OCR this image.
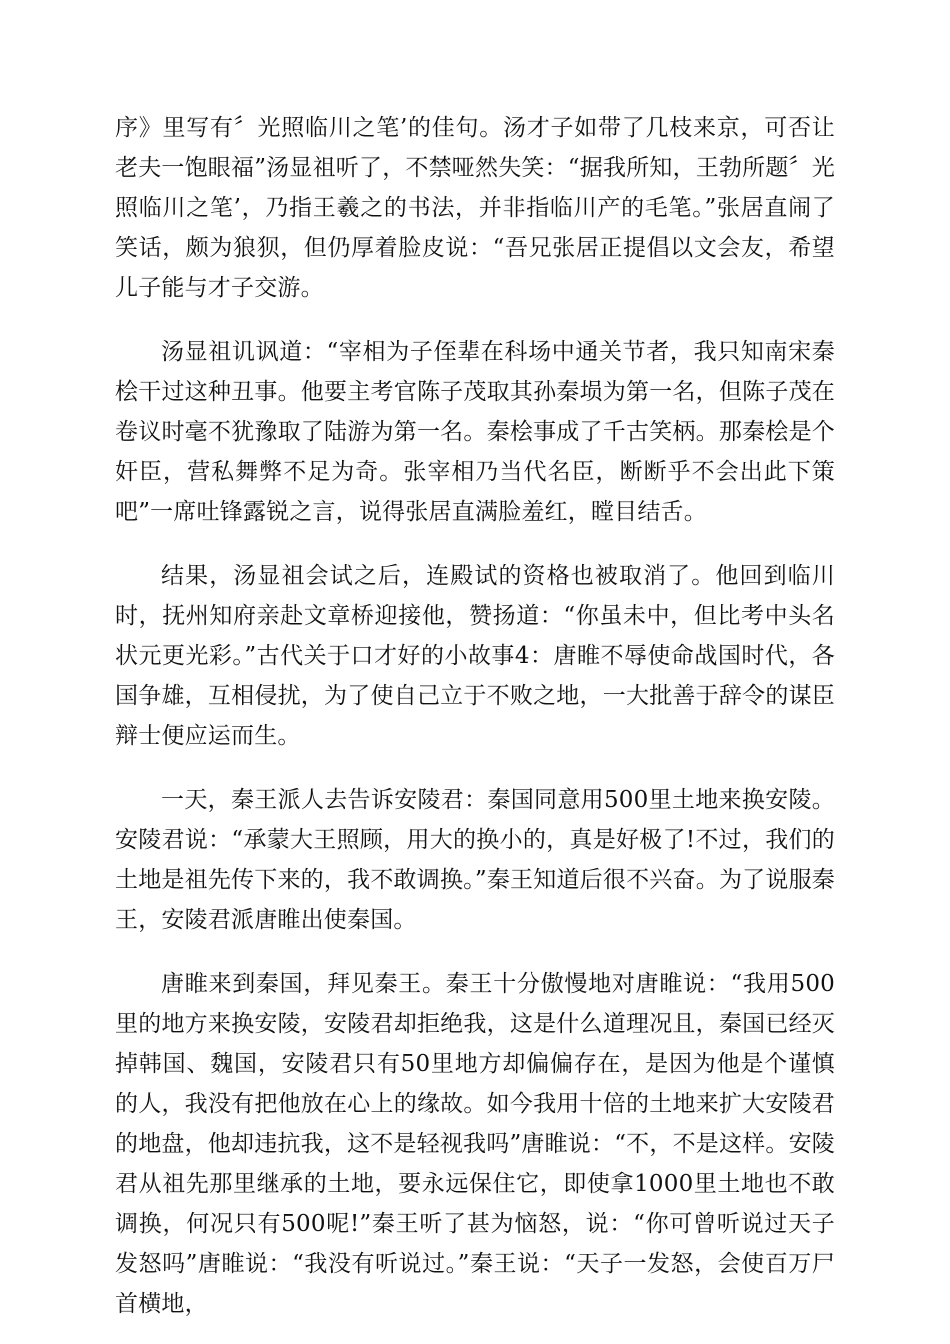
序》里写有〞光照临川之笔’的佳句。汤才子如带了几枝来京，可否让老夫一饱眼福”汤显祖听了，不禁哑然失笑：“据我所知，王勃所题〞光照临川之笔’，乃指王羲之的书法，并非指临川产的毛笔。”张居直闹了笑话，颇为狼狈，但仍厚着脸皮说：“吾兄张居正提倡以文会友，希望儿子能与才子交游。

汤显祖讥讽道：“宰相为子侄辈在科场中通关节者，我只知南宋秦桧干过这种丑事。他要主考官陈子茂取其孙秦埙为第一名，但陈子茂在卷议时毫不犹豫取了陆游为第一名。秦桧事成了千古笑柄。那秦桧是个奸臣，营私舞弊不足为奇。张宰相乃当代名臣，断断乎不会出此下策吧”一席吐锋露锐之言，说得张居直满脸羞红，瞠目结舌。

结果，汤显祖会试之后，连殿试的资格也被取消了。他回到临川时，抚州知府亲赴文章桥迎接他，赞扬道：“你虽未中，但比考中头名状元更光彩。”古代关于口才好的小故事4：唐睢不辱使命战国时代，各国争雄，互相侵扰，为了使自己立于不败之地，一大批善于辞令的谋臣辩士便应运而生。

一天，秦王派人去告诉安陵君：秦国同意用500里土地来换安陵。安陵君说：“承蒙大王照顾，用大的换小的，真是好极了!不过，我们的土地是祖先传下来的，我不敢调换。”秦王知道后很不兴奋。为了说服秦王，安陵君派唐睢出使秦国。

唐睢来到秦国，拜见秦王。秦王十分傲慢地对唐睢说：“我用500里的地方来换安陵，安陵君却拒绝我，这是什么道理况且，秦国已经灭掉韩国、魏国，安陵君只有50里地方却偏偏存在，是因为他是个谨慎的人，我没有把他放在心上的缘故。如今我用十倍的土地来扩大安陵君的地盘，他却违抗我，这不是轻视我吗”唐睢说：“不，不是这样。安陵君从祖先那里继承的土地，要永远保住它，即使拿1000里土地也不敢调换，何况只有500呢!”秦王听了甚为恼怒，说：“你可曾听说过天子发怒吗”唐睢说：“我没有听说过。”秦王说：“天子一发怒，会使百万尸首横地，
